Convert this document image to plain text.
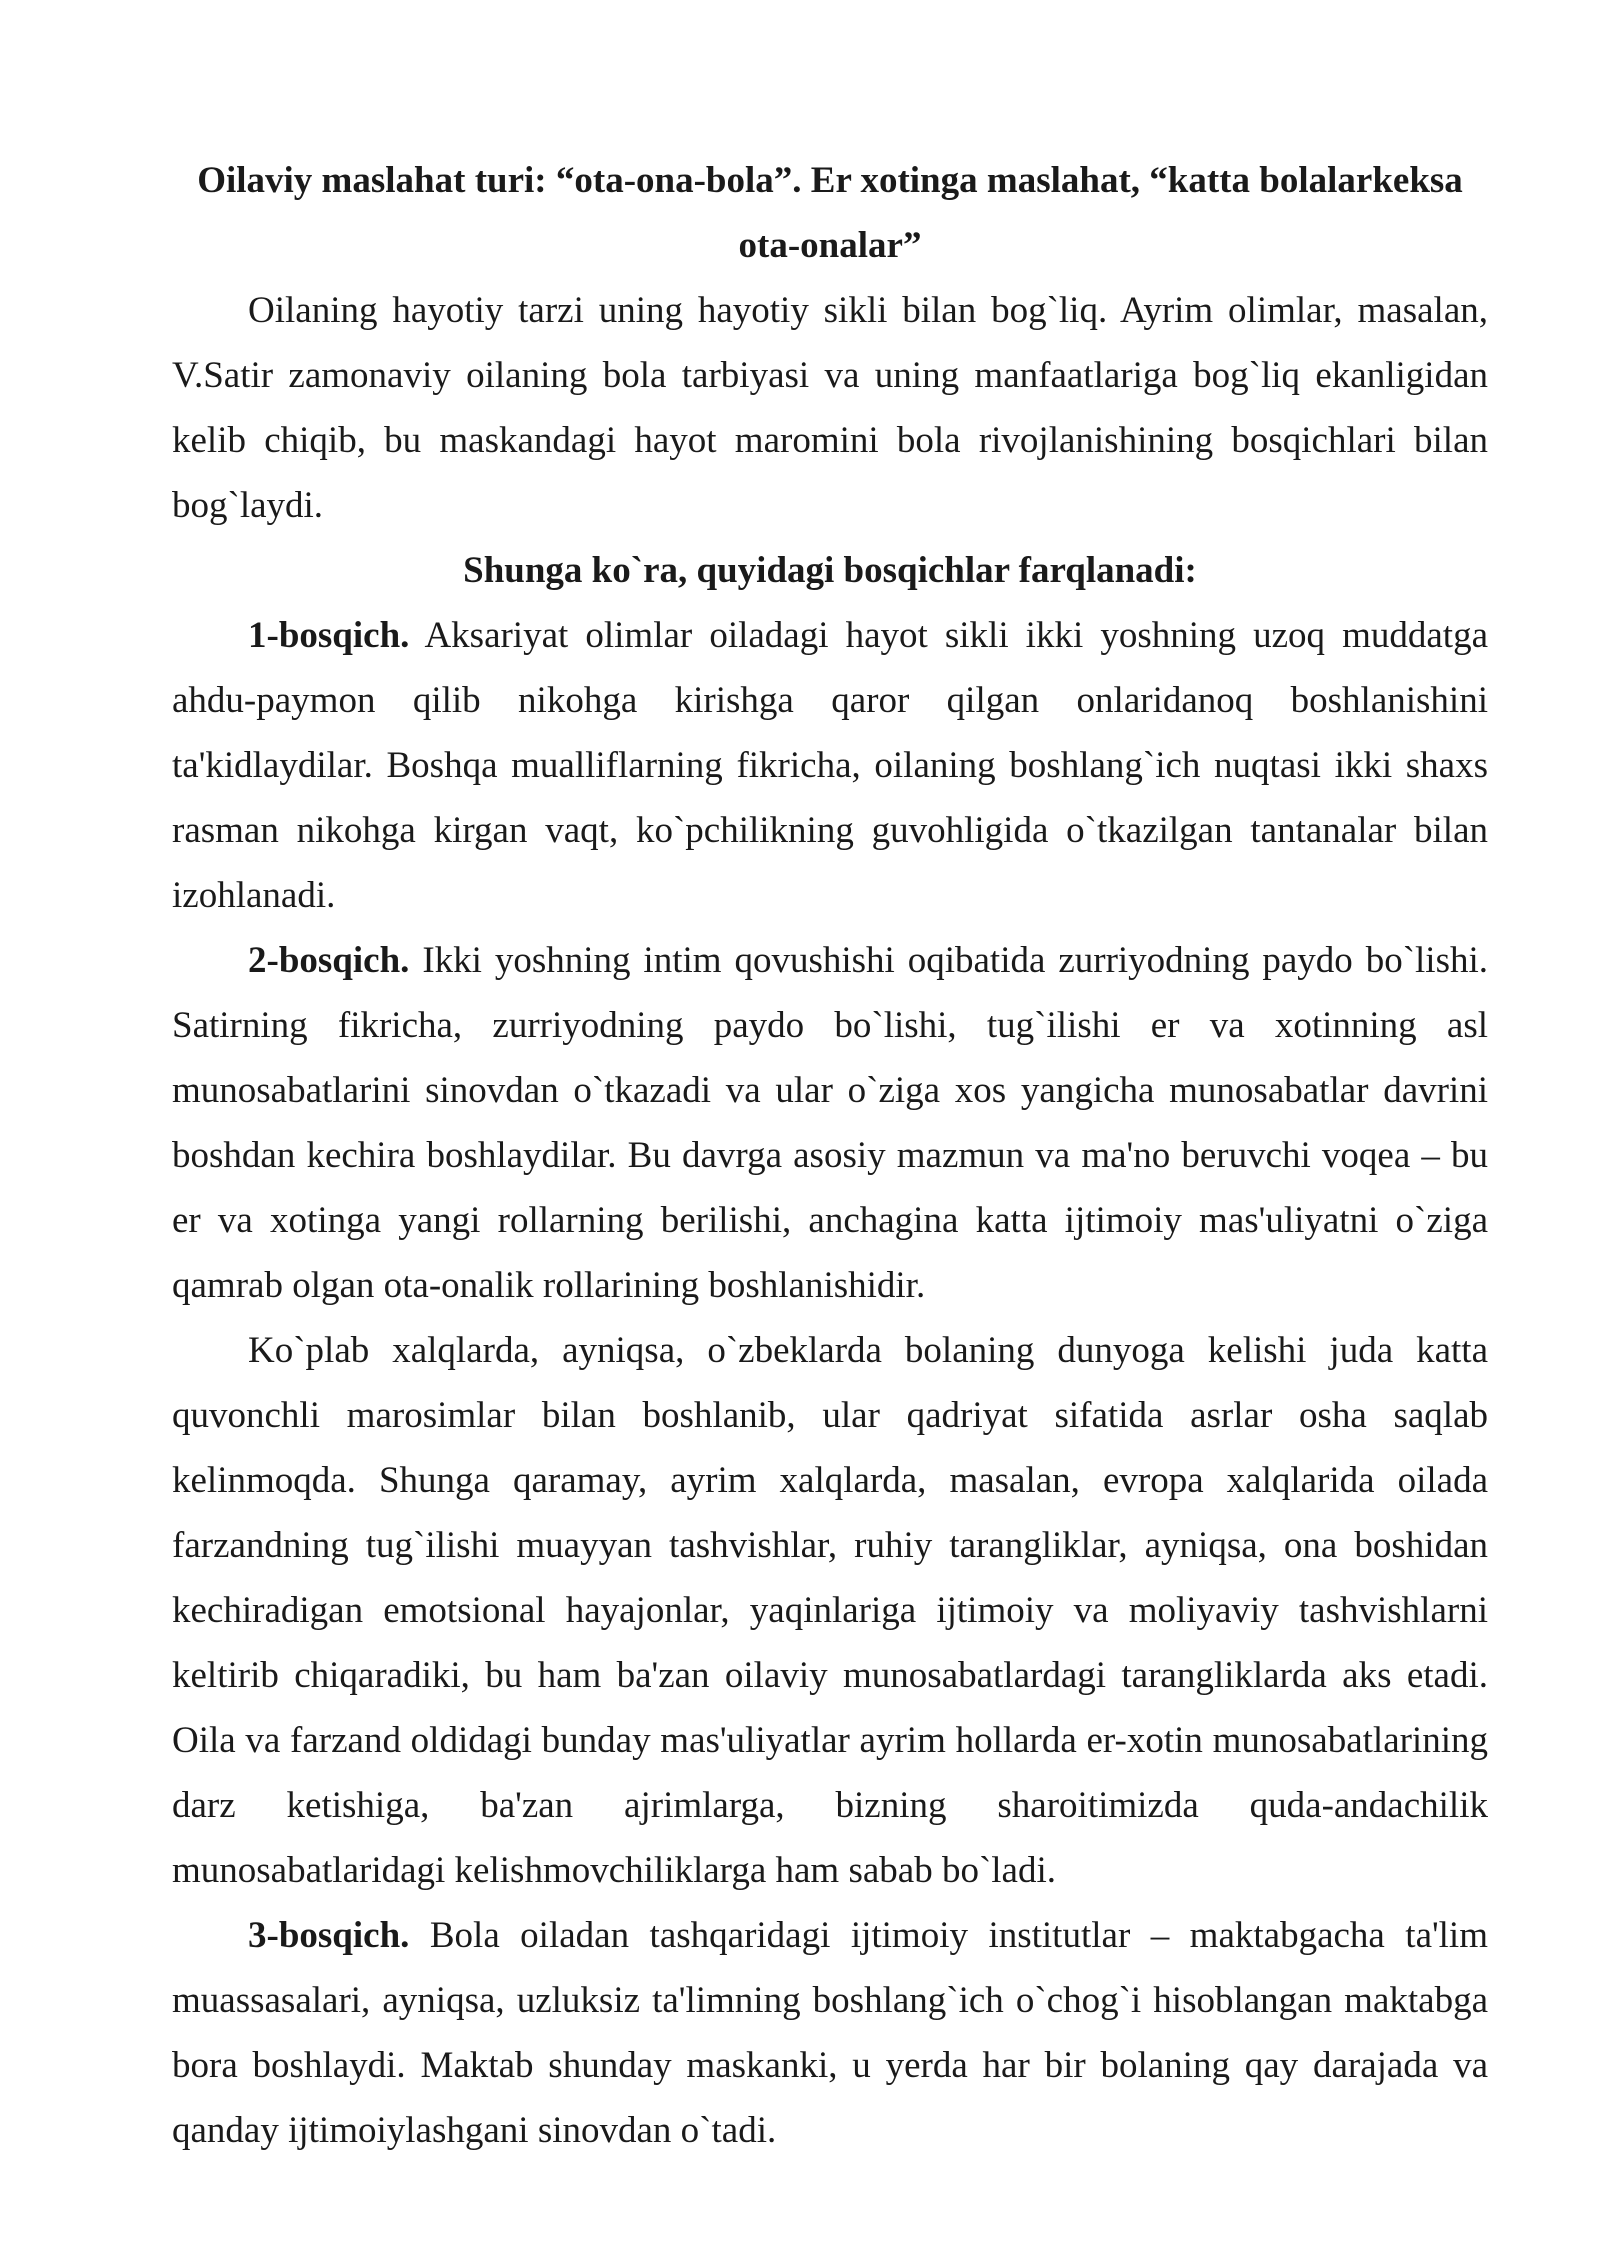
Oilaviy maslahat turi: “ota-ona-bola”. Er xotinga maslahat, “katta bolalarkeksa ota-onalar”

Oilaning hayotiy tarzi uning hayotiy sikli bilan bog`liq. Ayrim olimlar, masalan, V.Satir zamonaviy oilaning bola tarbiyasi va uning manfaatlariga bog`liq ekanligidan kelib chiqib, bu maskandagi hayot maromini bola rivojlanishining bosqichlari bilan bog`laydi.

Shunga ko`ra, quyidagi bosqichlar farqlanadi:

1-bosqich. Aksariyat olimlar oiladagi hayot sikli ikki yoshning uzoq muddatga ahdu-paymon qilib nikohga kirishga qaror qilgan onlaridanoq boshlanishini ta'kidlaydilar. Boshqa mualliflarning fikricha, oilaning boshlang`ich nuqtasi ikki shaxs rasman nikohga kirgan vaqt, ko`pchilikning guvohligida o`tkazilgan tantanalar bilan izohlanadi.

2-bosqich. Ikki yoshning intim qovushishi oqibatida zurriyodning paydo bo`lishi. Satirning fikricha, zurriyodning paydo bo`lishi, tug`ilishi er va xotinning asl munosabatlarini sinovdan o`tkazadi va ular o`ziga xos yangicha munosabatlar davrini boshdan kechira boshlaydilar. Bu davrga asosiy mazmun va ma'no beruvchi voqea – bu er va xotinga yangi rollarning berilishi, anchagina katta ijtimoiy mas'uliyatni o`ziga qamrab olgan ota-onalik rollarining boshlanishidir.

Ko`plab xalqlarda, ayniqsa, o`zbeklarda bolaning dunyoga kelishi juda katta quvonchli marosimlar bilan boshlanib, ular qadriyat sifatida asrlar osha saqlab kelinmoqda. Shunga qaramay, ayrim xalqlarda, masalan, evropa xalqlarida oilada farzandning tug`ilishi muayyan tashvishlar, ruhiy tarangliklar, ayniqsa, ona boshidan kechiradigan emotsional hayajonlar, yaqinlariga ijtimoiy va moliyaviy tashvishlarni keltirib chiqaradiki, bu ham ba'zan oilaviy munosabatlardagi tarangliklarda aks etadi. Oila va farzand oldidagi bunday mas'uliyatlar ayrim hollarda er-xotin munosabatlarining darz ketishiga, ba'zan ajrimlarga, bizning sharoitimizda quda-andachilik munosabatlaridagi kelishmovchiliklarga ham sabab bo`ladi.

3-bosqich. Bola oiladan tashqaridagi ijtimoiy institutlar – maktabgacha ta'lim muassasalari, ayniqsa, uzluksiz ta'limning boshlang`ich o`chog`i hisoblangan maktabga bora boshlaydi. Maktab shunday maskanki, u yerda har bir bolaning qay darajada va qanday ijtimoiylashgani sinovdan o`tadi.
